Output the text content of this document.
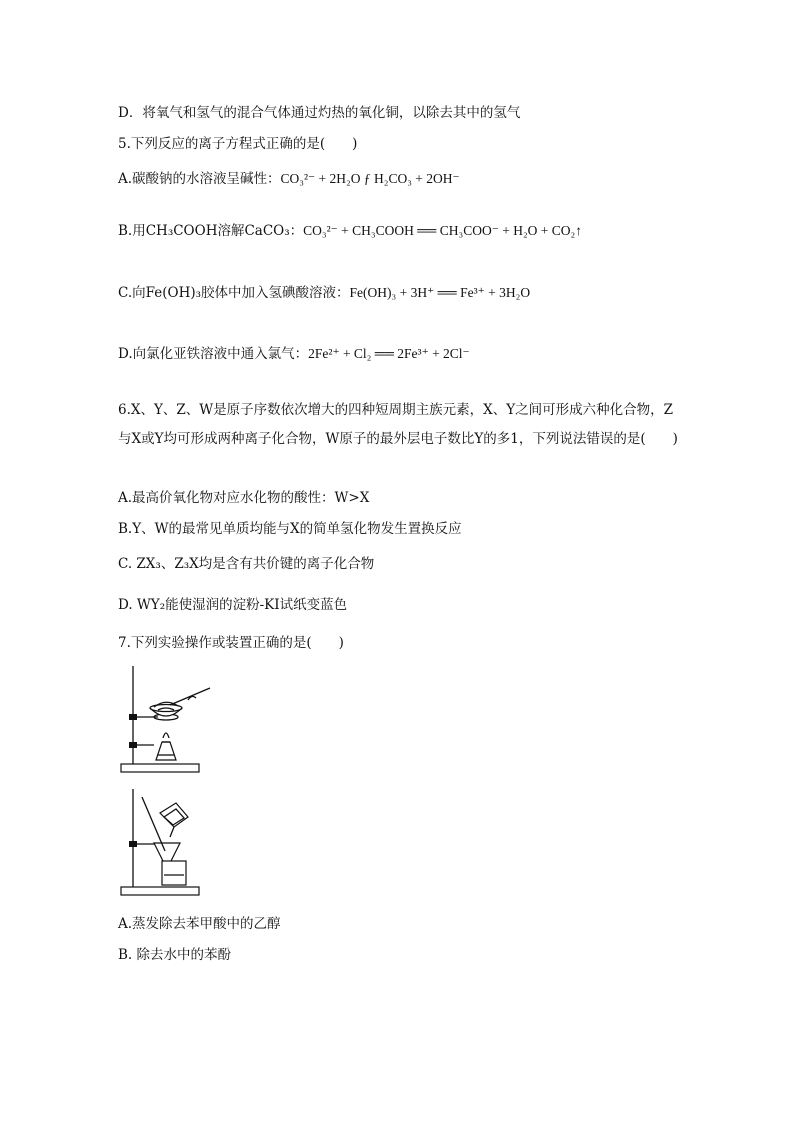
D．将氧气和氢气的混合气体通过灼热的氧化铜，以除去其中的氢气
5.下列反应的离子方程式正确的是(　　)
A.碳酸钠的水溶液呈碱性：CO₃²⁻ + 2H₂O ƒ H₂CO₃ + 2OH⁻
B.用CH₃COOH溶解CaCO₃：CO₃²⁻ + CH₃COOH ══ CH₃COO⁻ + H₂O + CO₂↑
C.向Fe(OH)₃胶体中加入氢碘酸溶液：Fe(OH)₃ + 3H⁺ ══ Fe³⁺ + 3H₂O
D.向氯化亚铁溶液中通入氯气：2Fe²⁺ + Cl₂ ══ 2Fe³⁺ + 2Cl⁻
6.X、Y、Z、W是原子序数依次增大的四种短周期主族元素，X、Y之间可形成六种化合物，Z与X或Y均可形成两种离子化合物，W原子的最外层电子数比Y的多1，下列说法错误的是(　　)
A.最高价氧化物对应水化物的酸性：W>X
B.Y、W的最常见单质均能与X的简单氢化物发生置换反应
C. ZX₃、Z₃X均是含有共价键的离子化合物
D. WY₂能使湿润的淀粉-KI试纸变蓝色
7.下列实验操作或装置正确的是(　　)
A.蒸发除去苯甲酸中的乙醇
B. 除去水中的苯酚
